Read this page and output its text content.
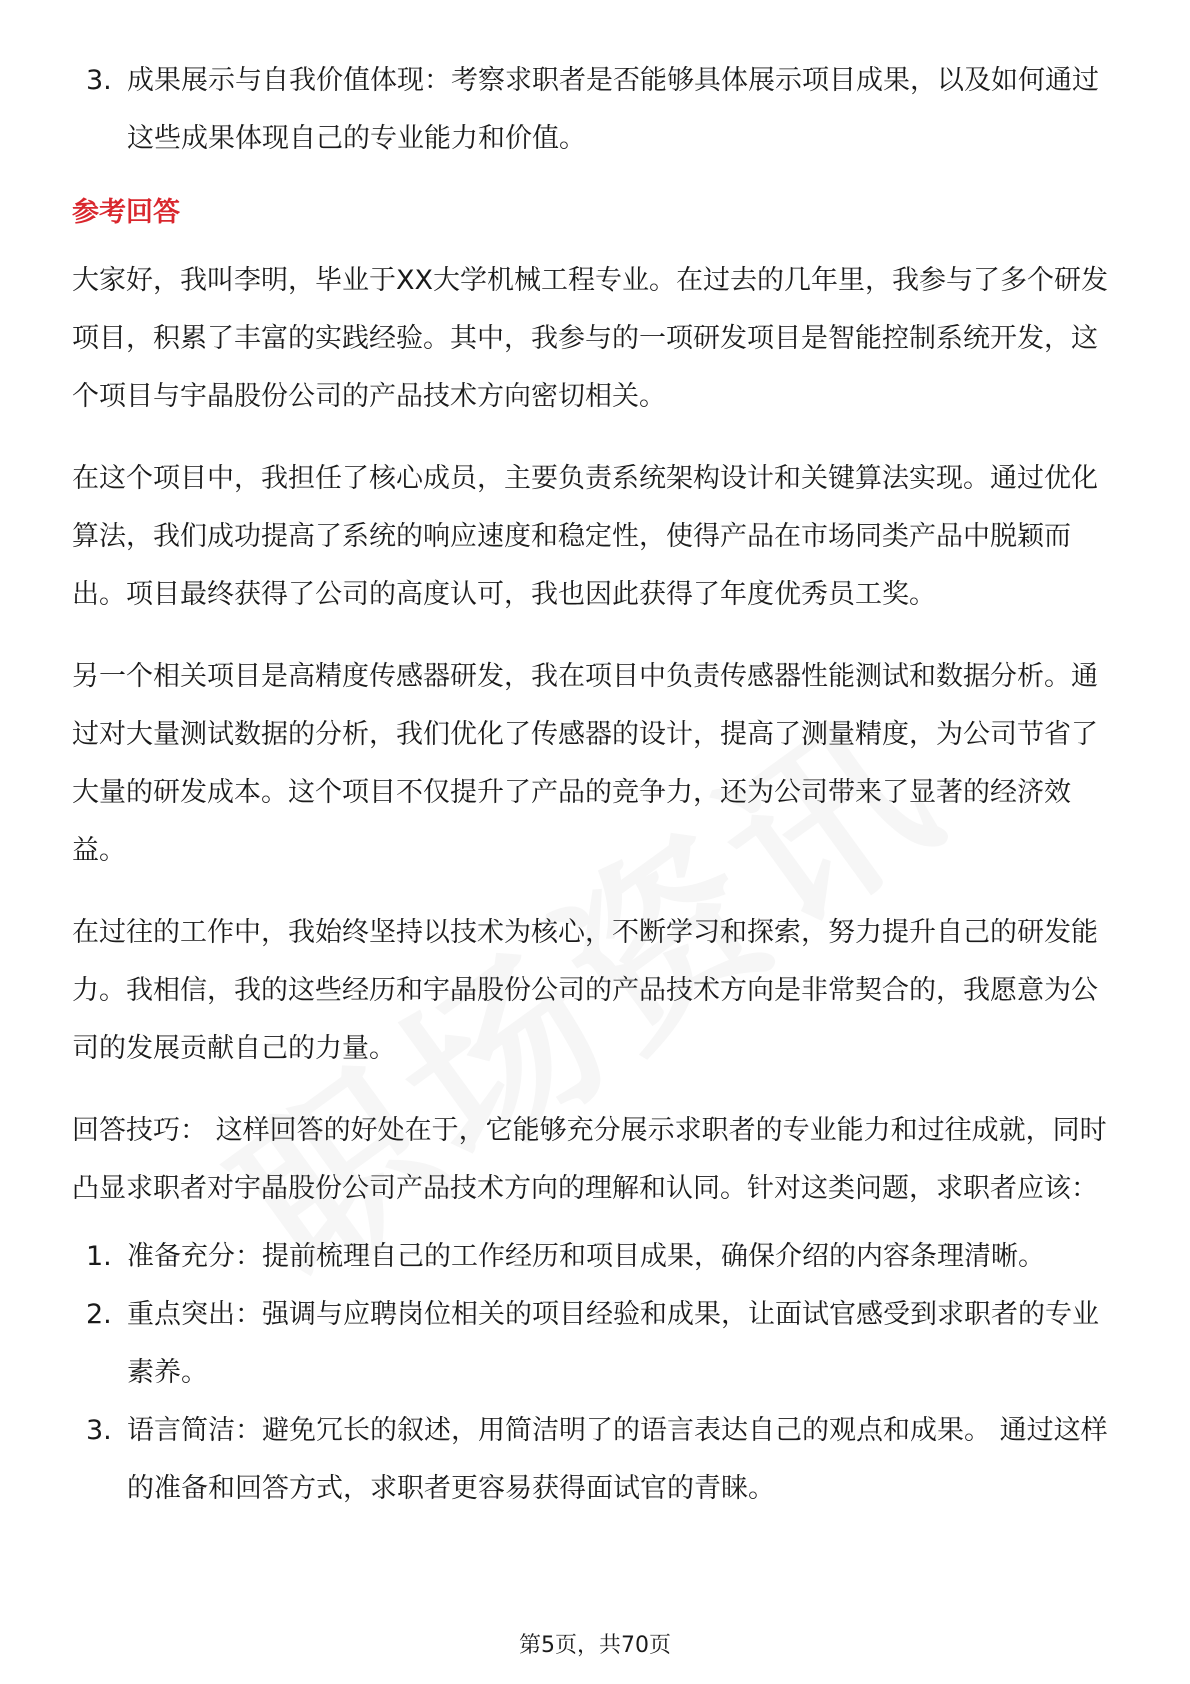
3. 成果展示与自我价值体现：考察求职者是否能够具体展示项目成果，以及如何通过这些成果体现自己的专业能力和价值。
参考回答

大家好，我叫李明，毕业于XX大学机械工程专业。在过去的几年里，我参与了多个研发项目，积累了丰富的实践经验。其中，我参与的一项研发项目是智能控制系统开发，这个项目与宇晶股份公司的产品技术方向密切相关。

在这个项目中，我担任了核心成员，主要负责系统架构设计和关键算法实现。通过优化算法，我们成功提高了系统的响应速度和稳定性，使得产品在市场同类产品中脱颖而出。项目最终获得了公司的高度认可，我也因此获得了年度优秀员工奖。

另一个相关项目是高精度传感器研发，我在项目中负责传感器性能测试和数据分析。通过对大量测试数据的分析，我们优化了传感器的设计，提高了测量精度，为公司节省了大量的研发成本。这个项目不仅提升了产品的竞争力，还为公司带来了显著的经济效益。

在过往的工作中，我始终坚持以技术为核心，不断学习和探索，努力提升自己的研发能力。我相信，我的这些经历和宇晶股份公司的产品技术方向是非常契合的，我愿意为公司的发展贡献自己的力量。

回答技巧： 这样回答的好处在于，它能够充分展示求职者的专业能力和过往成就，同时凸显求职者对宇晶股份公司产品技术方向的理解和认同。针对这类问题，求职者应该：

1. 准备充分：提前梳理自己的工作经历和项目成果，确保介绍的内容条理清晰。
2. 重点突出：强调与应聘岗位相关的项目经验和成果，让面试官感受到求职者的专业素养。
3. 语言简洁：避免冗长的叙述，用简洁明了的语言表达自己的观点和成果。 通过这样的准备和回答方式，求职者更容易获得面试官的青睐。
第5页，共70页
